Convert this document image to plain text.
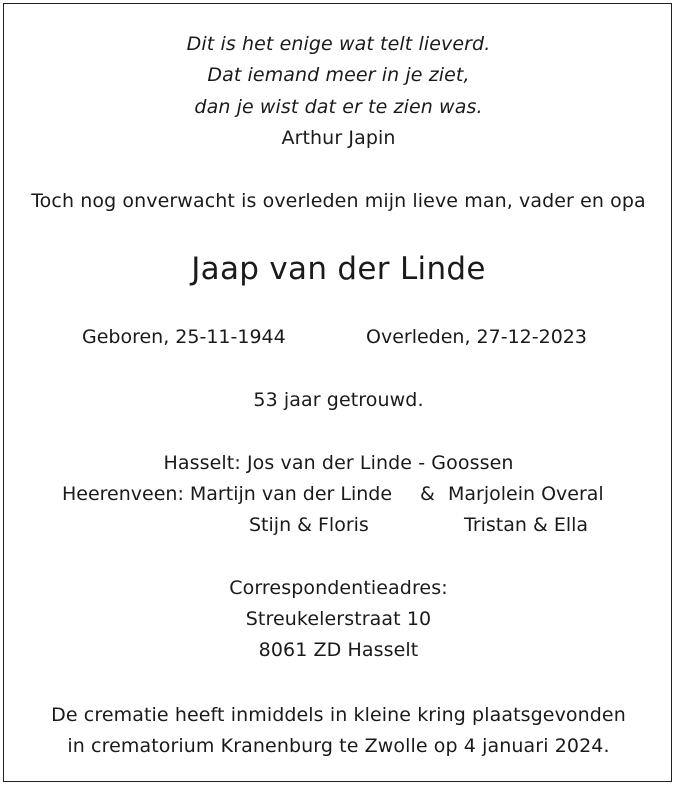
Dit is het enige wat telt lieverd.
Dat iemand meer in je ziet,
dan je wist dat er te zien was.
Arthur Japin
Toch nog onverwacht is overleden mijn lieve man, vader en opa
Jaap van der Linde
Geboren, 25-11-1944	Overleden, 27-12-2023
53 jaar getrouwd.
Hasselt: Jos van der Linde - Goossen
Heerenveen: Martijn van der Linde & Marjolein Overal
Stijn & Floris	Tristan & Ella
Correspondentieadres:
Streukelerstraat 10
8061 ZD Hasselt
De crematie heeft inmiddels in kleine kring plaatsgevonden
in crematorium Kranenburg te Zwolle op 4 januari 2024.
